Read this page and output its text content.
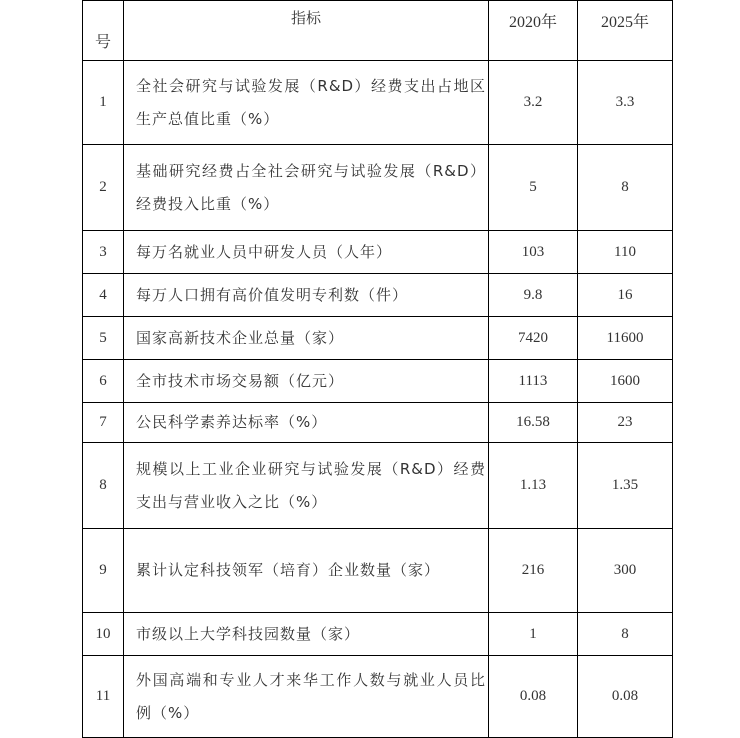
号	指标	2020年	2025年
1	全社会研究与试验发展（R&D）经费支出占地区生产总值比重（%）	3.2	3.3
2	基础研究经费占全社会研究与试验发展（R&D）经费投入比重（%）	5	8
3	每万名就业人员中研发人员（人年）	103	110
4	每万人口拥有高价值发明专利数（件）	9.8	16
5	国家高新技术企业总量（家）	7420	11600
6	全市技术市场交易额（亿元）	1113	1600
7	公民科学素养达标率（%）	16.58	23
8	规模以上工业企业研究与试验发展（R&D）经费支出与营业收入之比（%）	1.13	1.35
9	累计认定科技领军（培育）企业数量（家）	216	300
10	市级以上大学科技园数量（家）	1	8
11	外国高端和专业人才来华工作人数与就业人员比例（%）	0.08	0.08
